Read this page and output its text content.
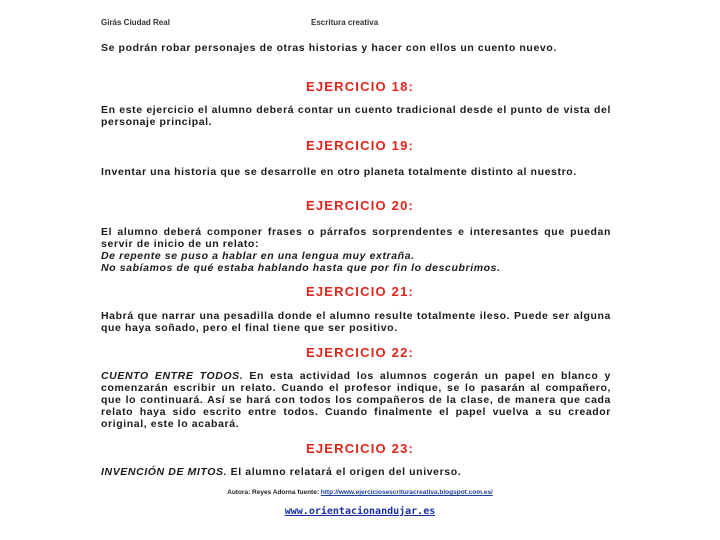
Girás Ciudad Real	Escritura creativa
Se podrán robar personajes de otras historias y hacer con ellos un cuento nuevo.
EJERCICIO 18:
En este ejercicio el alumno deberá contar un cuento tradicional desde el punto de vista del personaje principal.
EJERCICIO 19:
Inventar una historia que se desarrolle en otro planeta totalmente distinto al nuestro.
EJERCICIO 20:
El alumno deberá componer frases o párrafos sorprendentes e interesantes que puedan servir de inicio de un relato:
De repente se puso a hablar en una lengua muy extraña.
No sabíamos de qué estaba hablando hasta que por fin lo descubrimos.
EJERCICIO 21:
Habrá que narrar una pesadilla donde el alumno resulte totalmente ileso. Puede ser alguna que haya soñado, pero el final tiene que ser positivo.
EJERCICIO 22:
CUENTO ENTRE TODOS. En esta actividad los alumnos cogerán un papel en blanco y comenzarán escribir un relato. Cuando el profesor indique, se lo pasarán al compañero, que lo continuará. Así se hará con todos los compañeros de la clase, de manera que cada relato haya sido escrito entre todos. Cuando finalmente el papel vuelva a su creador original, este lo acabará.
EJERCICIO 23:
INVENCIÓN DE MITOS. El alumno relatará el origen del universo.
Autora: Reyes Adorna fuente: http://www.ejerciciosescrituracreativa.blogspot.com.es/
www.orientacionandujar.es
